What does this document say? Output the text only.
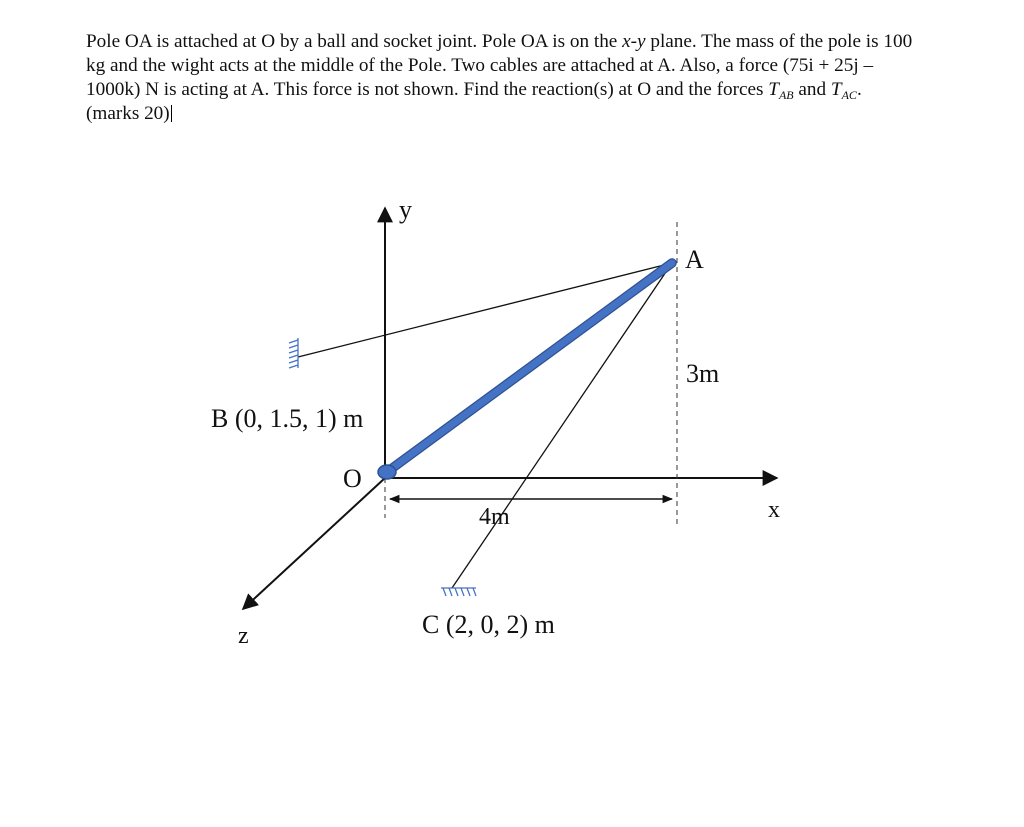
Pole OA is attached at O by a ball and socket joint. Pole OA is on the x-y plane. The mass of the pole is 100 kg and the wight acts at the middle of the Pole. Two cables are attached at A. Also, a force (75i + 25j – 1000k) N is acting at A. This force is not shown. Find the reaction(s) at O and the forces $T_{AB}$ and $T_{AC}$. (marks 20)

y
x
z
A
O
B (0, 1.5, 1) m
C (2, 0, 2) m
3m
4m
